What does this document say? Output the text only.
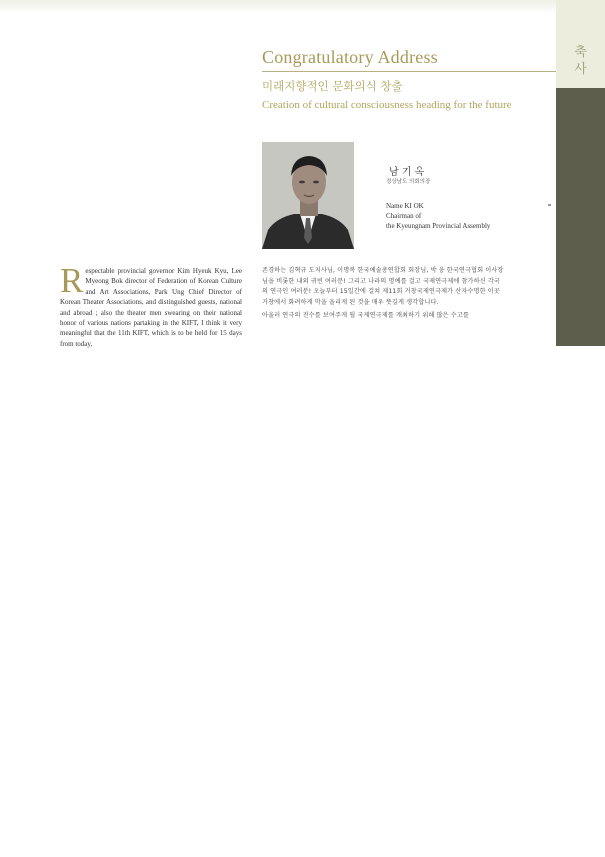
축
사
Congratulatory Address
미래지향적인 문화의식 창출
Creation of cultural consciousness heading for the future
남 기 옥
경상남도 의회의장
Name KI OK
Chairman of
the Kyeungnam Provincial Assembly
Respectable provincial governor Kim Hyeuk Kyu, Lee Myeong Bok director of Federation of Korean Culture and Art Associations, Park Ung Chief Director of Korean Theater Associations, and distinguished guests, national and abroad ; also the theater men swearing on their national honor of various nations partaking in the KIFT, I think it very meaningful that the 11th KIFT, which is to be held for 15 days from today,

존경하는 김혁규 도지사님, 이명복 한국예술총연합회 회장님, 박 웅 한국연극협회 이사장님을 비롯한 내외 귀빈 여러분! 그리고 나라의 명예를 걸고 국제연극제에 참가하신 각국의 연극인 여러분! 오늘부터 15일간에 걸쳐 제11회 거창국제연극제가 산자수명한 이곳 거창에서 화려하게 막을 올리게 된 것을 매우 뜻깊게 생각합니다.

아울러 연극의 진수를 보여주게 될 국제연극제를 개최하기 위해 많은 수고를
